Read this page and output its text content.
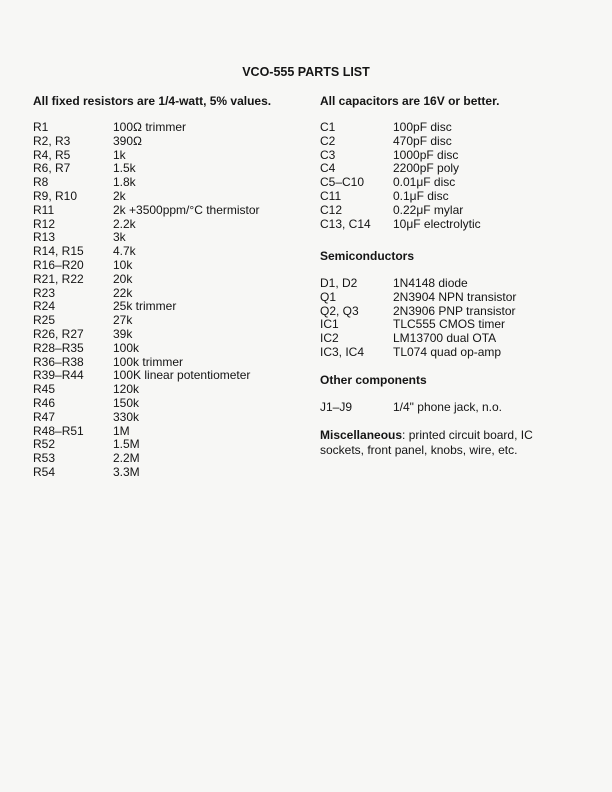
VCO-555 PARTS LIST
All fixed resistors are 1/4-watt, 5% values.
R1	100Ω trimmer
R2, R3	390Ω
R4, R5	1k
R6, R7	1.5k
R8	1.8k
R9, R10	2k
R11	2k +3500ppm/°C thermistor
R12	2.2k
R13	3k
R14, R15 4.7k
R16–R20 10k
R21, R22 20k
R23	22k
R24	25k trimmer
R25	27k
R26, R27 39k
R28–R35 100k
R36–R38 100k trimmer
R39–R44 100K linear potentiometer
R45	120k
R46	150k
R47	330k
R48–R51 1M
R52	1.5M
R53	2.2M
R54	3.3M
All capacitors are 16V or better.
C1	100pF disc
C2	470pF disc
C3	1000pF disc
C4	2200pF poly
C5–C10 0.01μF disc
C11	0.1μF disc
C12	0.22μF mylar
C13, C14 10μF electrolytic
Semiconductors
D1, D2	1N4148 diode
Q1	2N3904 NPN transistor
Q2, Q3	2N3906 PNP transistor
IC1	TLC555 CMOS timer
IC2	LM13700 dual OTA
IC3, IC4 TL074 quad op-amp
Other components
J1–J9	1/4" phone jack, n.o.
Miscellaneous: printed circuit board, IC sockets, front panel, knobs, wire, etc.
